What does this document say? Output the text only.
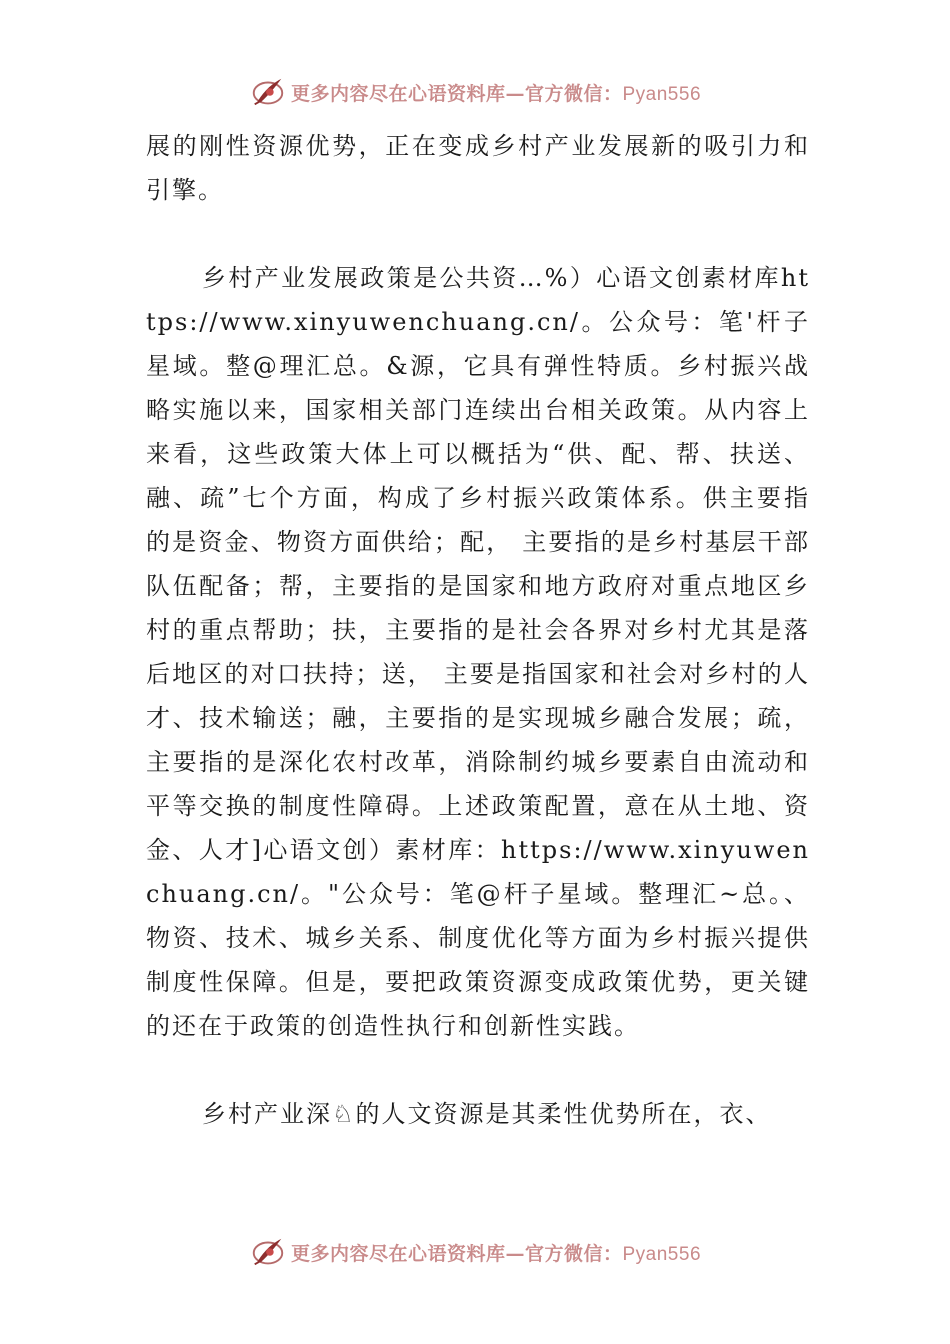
更多内容尽在心语资料库—官方微信：Pyan556

展的刚性资源优势，正在变成乡村产业发展新的吸引力和引擎。

乡村产业发展政策是公共资…%）心语文创素材库https://www.xinyuwenchuang.cn/。公众号：笔'杆子星域。整@理汇总。&源，它具有弹性特质。乡村振兴战略实施以来，国家相关部门连续出台相关政策。从内容上来看，这些政策大体上可以概括为“供、配、帮、扶送、融、疏”七个方面，构成了乡村振兴政策体系。供主要指的是资金、物资方面供给；配， 主要指的是乡村基层干部队伍配备；帮，主要指的是国家和地方政府对重点地区乡村的重点帮助；扶，主要指的是社会各界对乡村尤其是落后地区的对口扶持；送， 主要是指国家和社会对乡村的人才、技术输送；融，主要指的是实现城乡融合发展；疏，主要指的是深化农村改革，消除制约城乡要素自由流动和平等交换的制度性障碍。上述政策配置，意在从土地、资金、人才]心语文创）素材库：https://www.xinyuwenchuang.cn/。"公众号：笔@杆子星域。整理汇~总。、物资、技术、城乡关系、制度优化等方面为乡村振兴提供制度性保障。但是，要把政策资源变成政策优势，更关键的还在于政策的创造性执行和创新性实践。

乡村产业深♘的人文资源是其柔性优势所在，衣、

更多内容尽在心语资料库—官方微信：Pyan556
